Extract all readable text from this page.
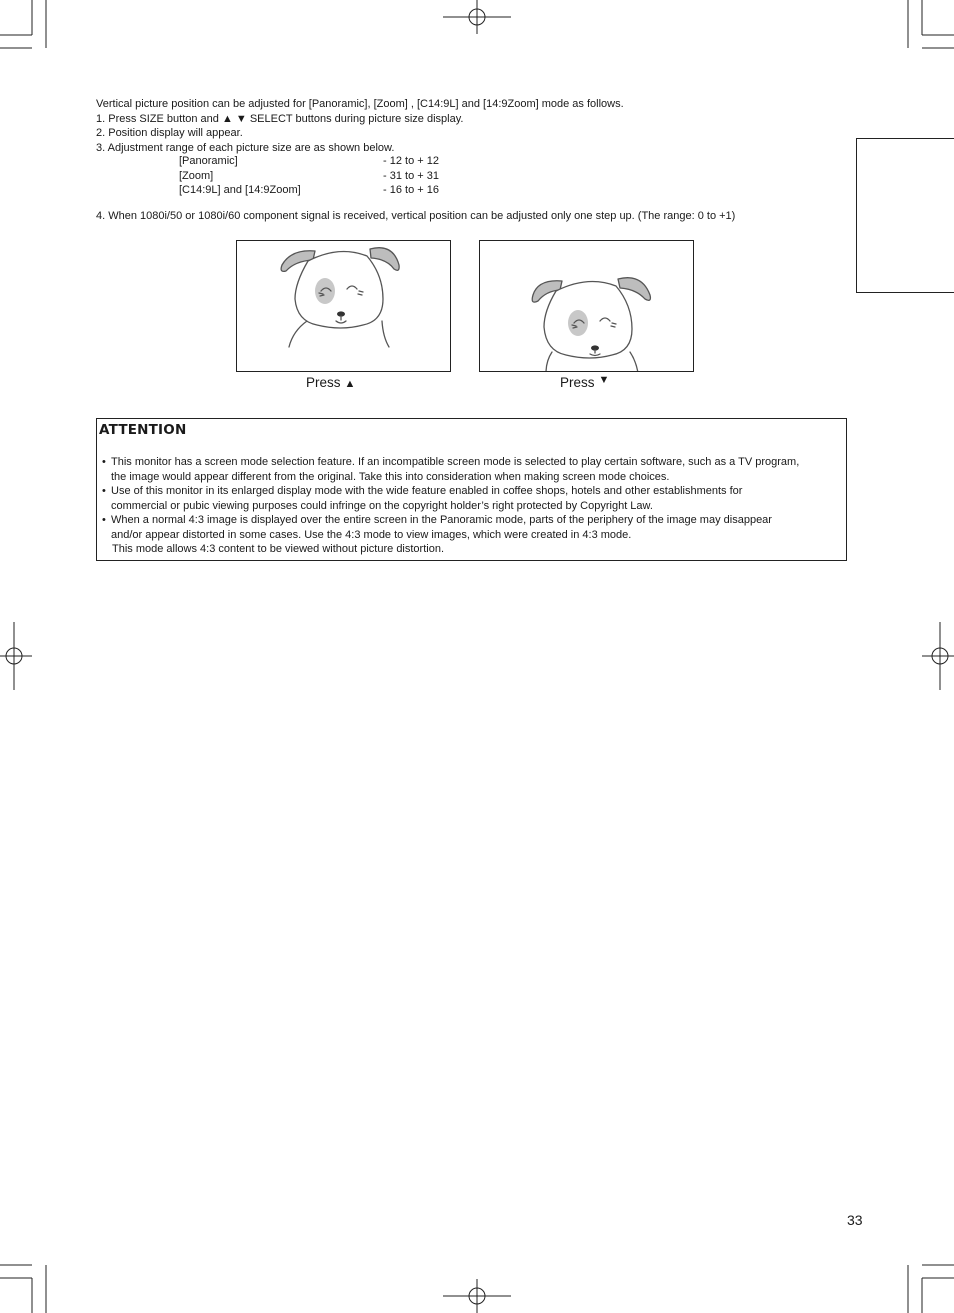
Vertical picture position can be adjusted for [Panoramic], [Zoom] , [C14:9L] and [14:9Zoom] mode as follows.

1. Press SIZE button and ▲ ▼ SELECT buttons during picture size display.

2. Position display will appear.

3. Adjustment range of each picture size are as shown below.

[Panoramic]	- 12 to + 12
[Zoom]	- 31 to + 31
[C14:9L] and [14:9Zoom]	- 16 to + 16

4. When 1080i/50 or 1080i/60 component signal is received, vertical position can be adjusted only one step up. (The range: 0 to +1)

Press ▲	Press ▼
ATTENTION
• This monitor has a screen mode selection feature. If an incompatible screen mode is selected to play certain software, such as a TV program,
the image would appear different from the original. Take this into consideration when making screen mode choices.
• Use of this monitor in its enlarged display mode with the wide feature enabled in coffee shops, hotels and other establishments for
commercial or pubic viewing purposes could infringe on the copyright holder’s right protected by Copyright Law.
• When a normal 4:3 image is displayed over the entire screen in the Panoramic mode, parts of the periphery of the image may disappear
and/or appear distorted in some cases. Use the 4:3 mode to view images, which were created in 4:3 mode.
This mode allows 4:3 content to be viewed without picture distortion.
33
